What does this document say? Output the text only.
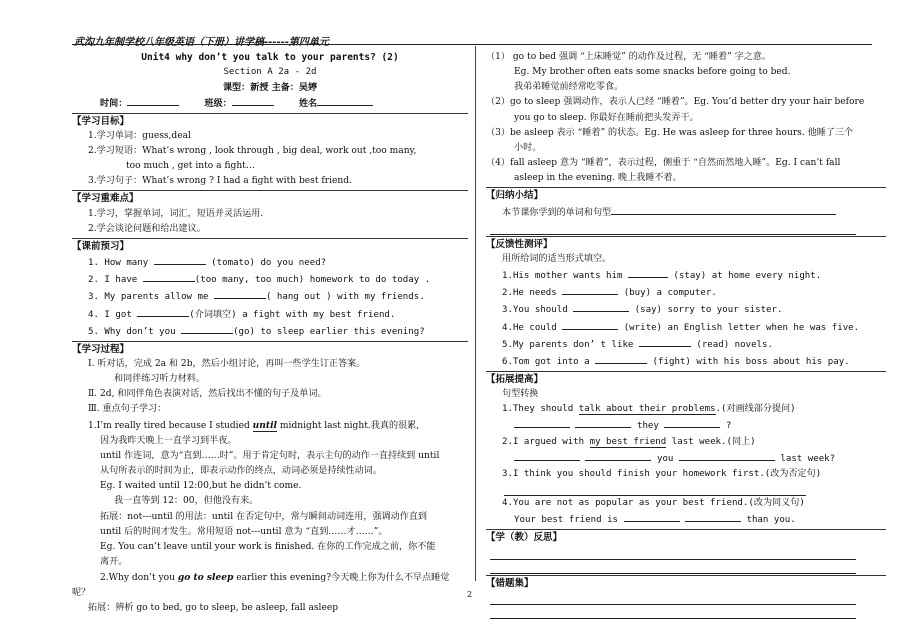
武沟九年制学校八年级英语（下册）讲学稿------第四单元
Unit4 why don’t you talk to your parents? (2)
Section A 2a - 2d
课型：新授 主备：吴婷
时间：	班级：	姓名
【学习目标】
1.学习单词：guess,deal
2.学习短语：What’s wrong , look through , big deal, work out ,too many,
too much , get into a fight…
3.学习句子：What’s wrong ? I had a fight with best friend.
【学习重难点】
1.学习，掌握单词，词汇，短语并灵活运用.
2.学会谈论问题和给出建议。
【课前预习】
1. How many	(tomato) do you need?
2. I have	(too many, too much) homework to do today .
3. My parents allow me	( hang out ) with my friends.
4. I got	(介词填空) a fight with my best friend.
5. Why don’t you	(go) to sleep earlier this evening?
【学习过程】
Ⅰ. 听对话，完成 2a 和 2b，然后小组讨论，再叫一些学生订正答案。
和同伴练习听力材料。
Ⅱ. 2d, 和同伴角色表演对话，然后找出不懂的句子及单词。
Ⅲ. 重点句子学习：
1.I’m really tired because I studied until midnight last night.我真的很累,
因为我昨天晚上一直学习到半夜。
until 作连词，意为“直到……时”。用于肯定句时，表示主句的动作一直持续到 until
从句所表示的时间为止，即表示动作的终点，动词必须是持续性动词。
Eg. I waited until 12:00,but he didn’t come.
我一直等到 12：00，但他没有来。
拓展：not---until 的用法：until 在否定句中，常与瞬间动词连用，强调动作直到
until 后的时间才发生。常用短语 not---until 意为 “直到……才……”。
Eg. You can’t leave until your work is finished. 在你的工作完成之前，你不能
离开。
2.Why don’t you go to sleep earlier this evening?今天晚上你为什么不早点睡觉
呢？
拓展：辨析 go to bed, go to sleep, be asleep, fall asleep
（1） go to bed 强调 “上床睡觉” 的动作及过程，无 “睡着” 字之意。
Eg. My brother often eats some snacks before going to bed.
我弟弟睡觉前经常吃零食。
（2）go to sleep 强调动作，表示人已经 “睡着”。Eg. You’d better dry your hair before
you go to sleep. 你最好在睡前把头发弄干。
（3）be asleep 表示 “睡着” 的状态。Eg. He was asleep for three hours. 他睡了三个
小时。
（4）fall asleep 意为 “睡着”，表示过程，侧重于 “自然而然地入睡”。Eg. I can’t fall
asleep in the evening. 晚上我睡不着。
【归纳小结】
本节课你学到的单词和句型
【反馈性测评】
用所给词的适当形式填空。
1.His mother wants him	(stay) at home every night.
2.He needs	(buy) a computer.
3.You should	(say) sorry to your sister.
4.He could	(write) an English letter when he was five.
5.My parents don’ t like	(read) novels.
6.Tom got into a	(fight) with his boss about his pay.
【拓展提高】
句型转换
1.They should talk about their problems.(对画线部分提问)
they	?
2.I argued with my best friend last week.(同上)
you	last week?
3.I think you should finish your homework first.(改为否定句)
4.You are not as popular as your best friend.(改为同义句)
Your best friend is	than you.
【学（教）反思】
【错题集】
2
